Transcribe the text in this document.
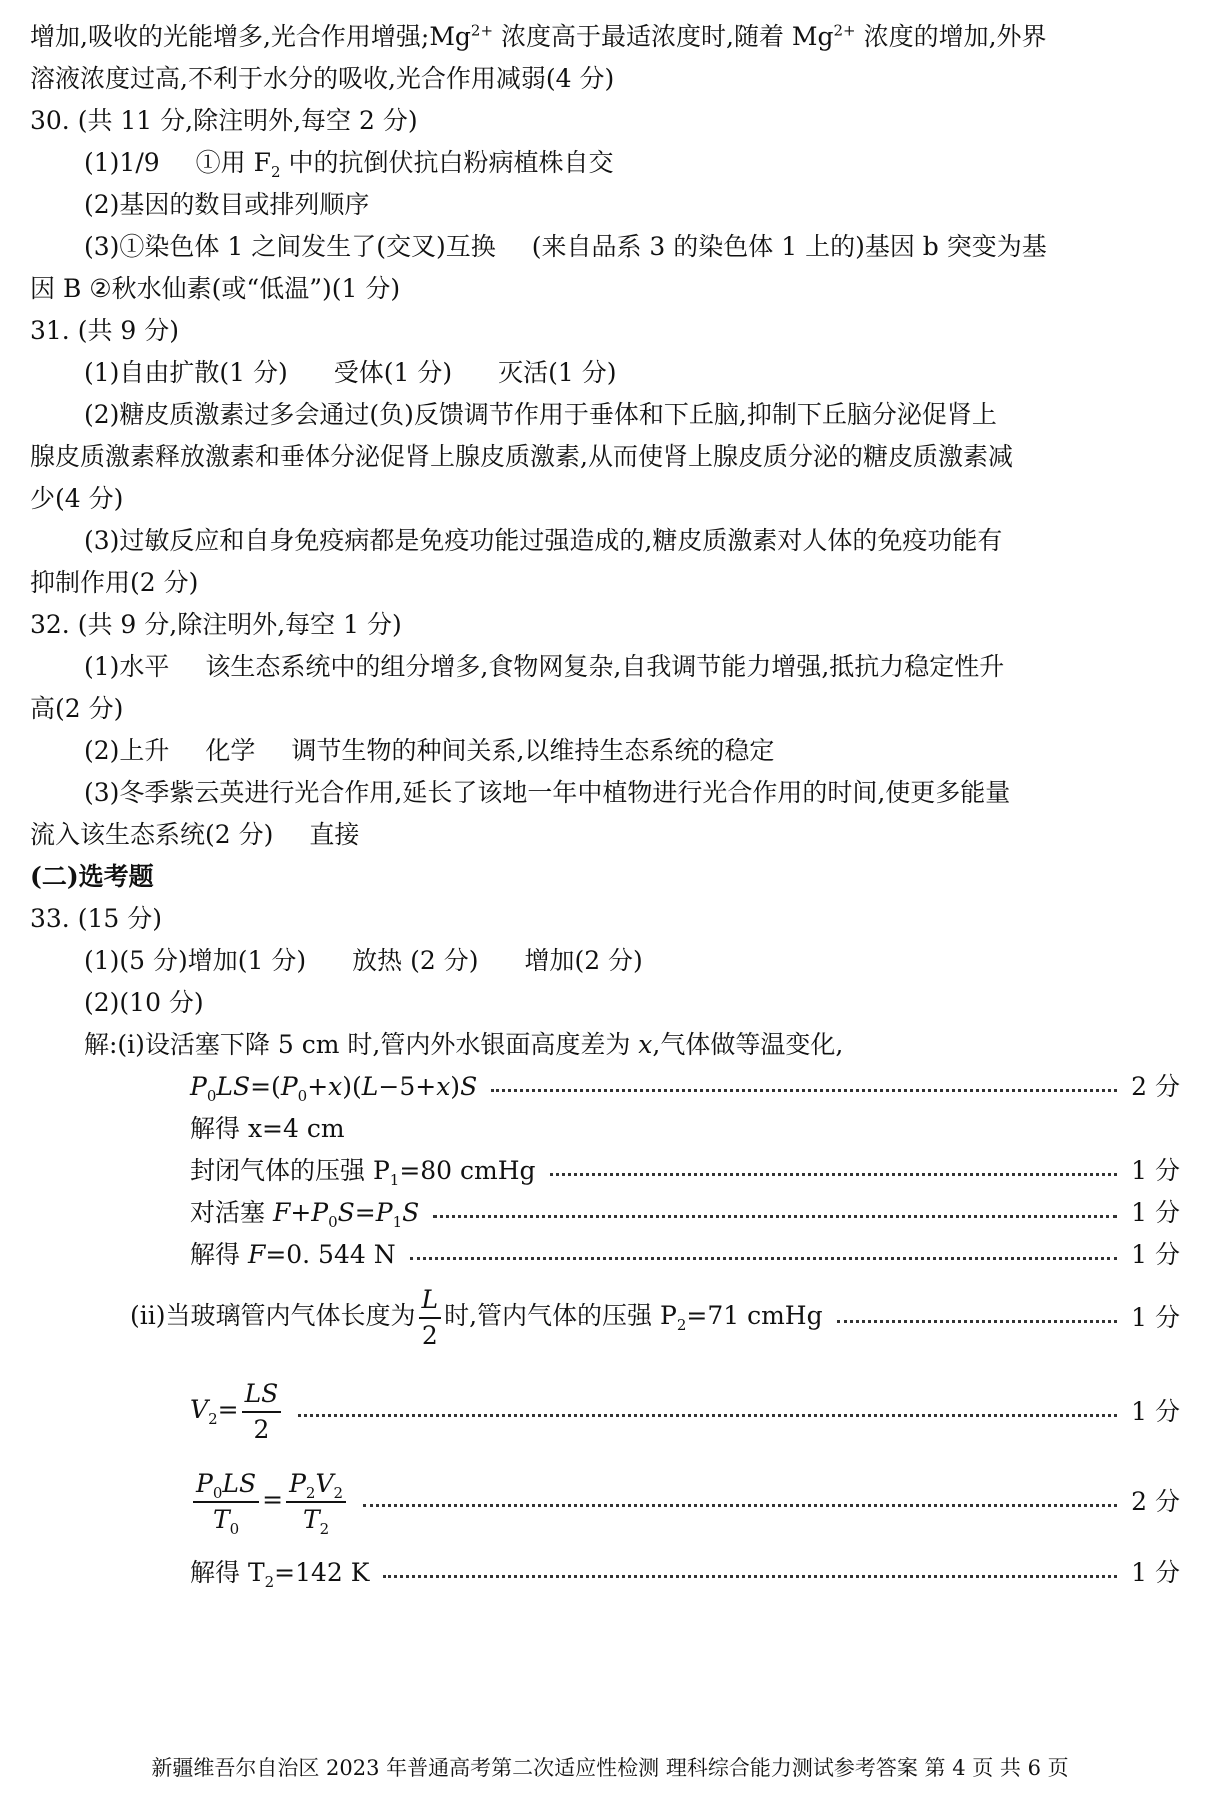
增加,吸收的光能增多,光合作用增强$;Mg^{2+}$ 浓度高于最适浓度时,随着 $Mg^{2+}$ 浓度的增加,外界
溶液浓度过高,不利于水分的吸收,光合作用减弱(4 分)
30. (共 11 分,除注明外,每空 2 分)
(1)1/9 ①用 $F_2$ 中的抗倒伏抗白粉病植株自交
(2)基因的数目或排列顺序
(3)①染色体 1 之间发生了(交叉)互换 (来自品系 3 的染色体 1 上的)基因 b 突变为基
因 B ②秋水仙素(或“低温”)(1 分)
31. (共 9 分)
(1)自由扩散(1 分) 受体(1 分) 灭活(1 分)
(2)糖皮质激素过多会通过(负)反馈调节作用于垂体和下丘脑,抑制下丘脑分泌促肾上
腺皮质激素释放激素和垂体分泌促肾上腺皮质激素,从而使肾上腺皮质分泌的糖皮质激素减
少(4 分)
(3)过敏反应和自身免疫病都是免疫功能过强造成的,糖皮质激素对人体的免疫功能有
抑制作用(2 分)
32. (共 9 分,除注明外,每空 1 分)
(1)水平 该生态系统中的组分增多,食物网复杂,自我调节能力增强,抵抗力稳定性升
高(2 分)
(2)上升 化学 调节生物的种间关系,以维持生态系统的稳定
(3)冬季紫云英进行光合作用,延长了该地一年中植物进行光合作用的时间,使更多能量
流入该生态系统(2 分) 直接
(二)选考题
33. (15 分)
(1)(5 分)增加(1 分) 放热 (2 分) 增加(2 分)
(2)(10 分)
解:(ⅰ)设活塞下降 5 cm 时,管内外水银面高度差为 x,气体做等温变化,
$P_0LS=(P_0+x)(L-5+x)S$	2 分
解得 x=4 cm
封闭气体的压强 $P_1=80$ cmHg	1 分
对活塞 $F+P_0S=P_1S$	1 分
解得 F=0. 544 N	1 分
(ⅱ)当玻璃管内气体长度为 $\frac{L}{2}$ 时,管内气体的压强 $P_2=71$ cmHg	1 分
$V_2= \frac{LS}{2}$	1 分
$\frac{P_0LS}{T_0} = \frac{P_2V_2}{T_2}$	2 分
解得 $T_2=142$ K	1 分
新疆维吾尔自治区 2023 年普通高考第二次适应性检测 理科综合能力测试参考答案 第 4 页 共 6 页
